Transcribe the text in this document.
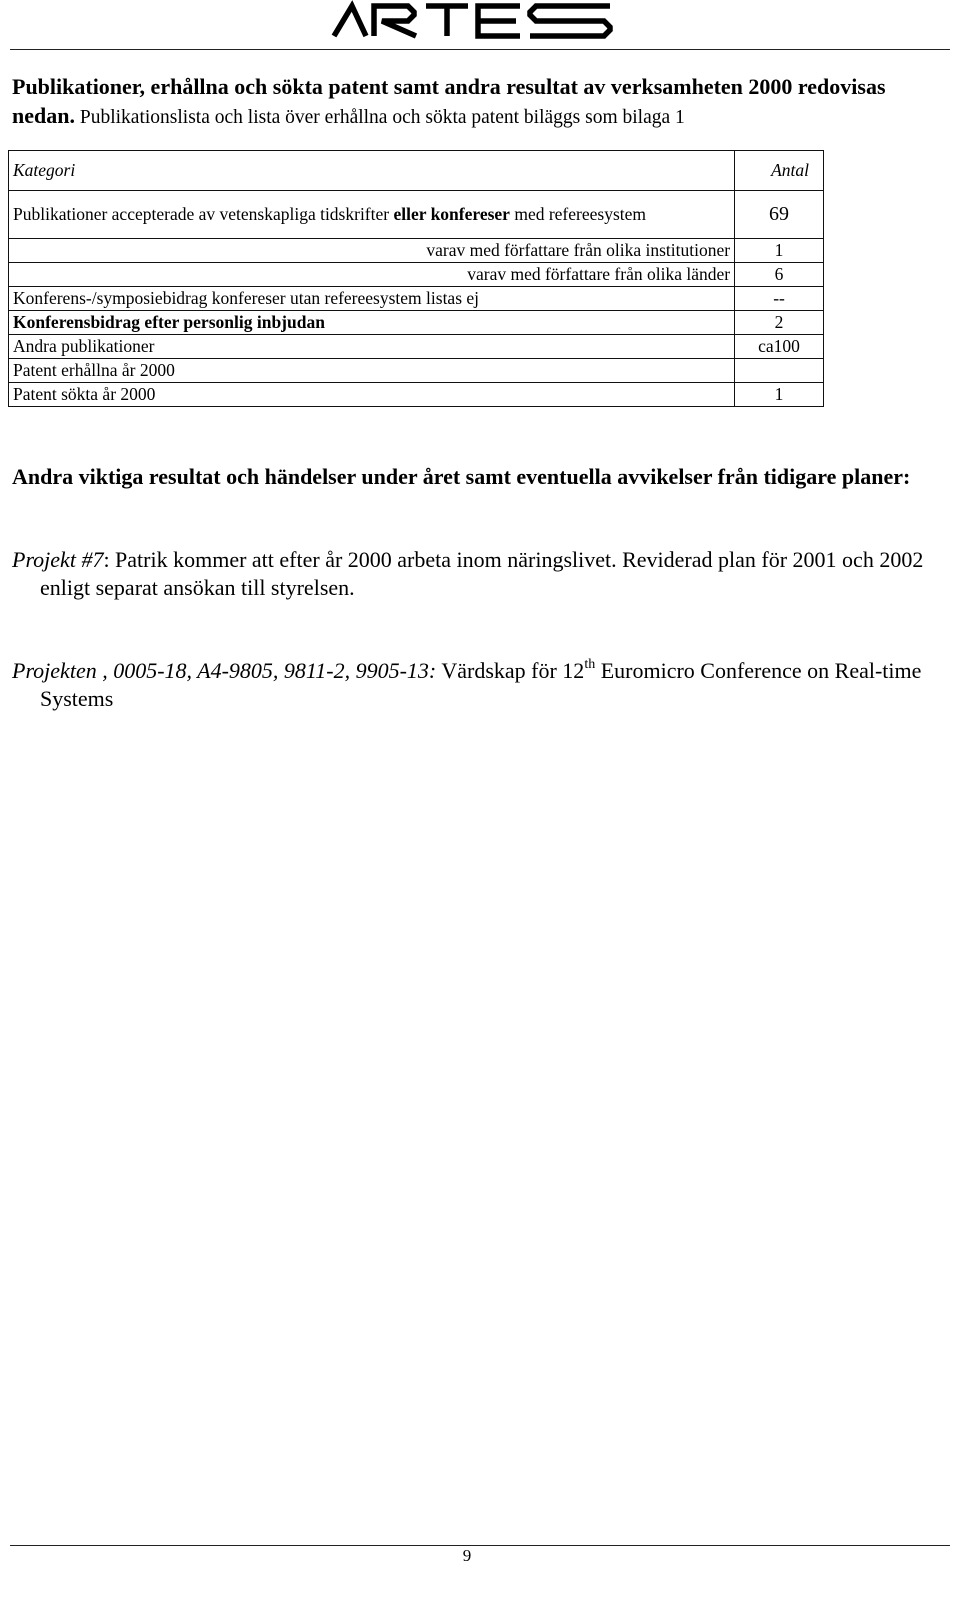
Publikationer, erhållna och sökta patent samt andra resultat av verksamheten 2000 redovisas nedan. Publikationslista och lista över erhållna och sökta patent biläggs som bilaga 1
Kategori	Antal
Publikationer accepterade av vetenskapliga tidskrifter eller konfereser med refereesystem	69
varav med författare från olika institutioner	1
varav med författare från olika länder	6
Konferens-/symposiebidrag konfereser utan refereesystem listas ej	--
Konferensbidrag efter personlig inbjudan	2
Andra publikationer	ca100
Patent erhållna år 2000	
Patent sökta år 2000	1
Andra viktiga resultat och händelser under året samt eventuella avvikelser från tidigare planer:
Projekt #7: Patrik kommer att efter år 2000 arbeta inom näringslivet. Reviderad plan för 2001 och 2002 enligt separat ansökan till styrelsen.
Projekten , 0005-18, A4-9805, 9811-2, 9905-13: Värdskap för 12th Euromicro Conference on Real-time Systems
9
